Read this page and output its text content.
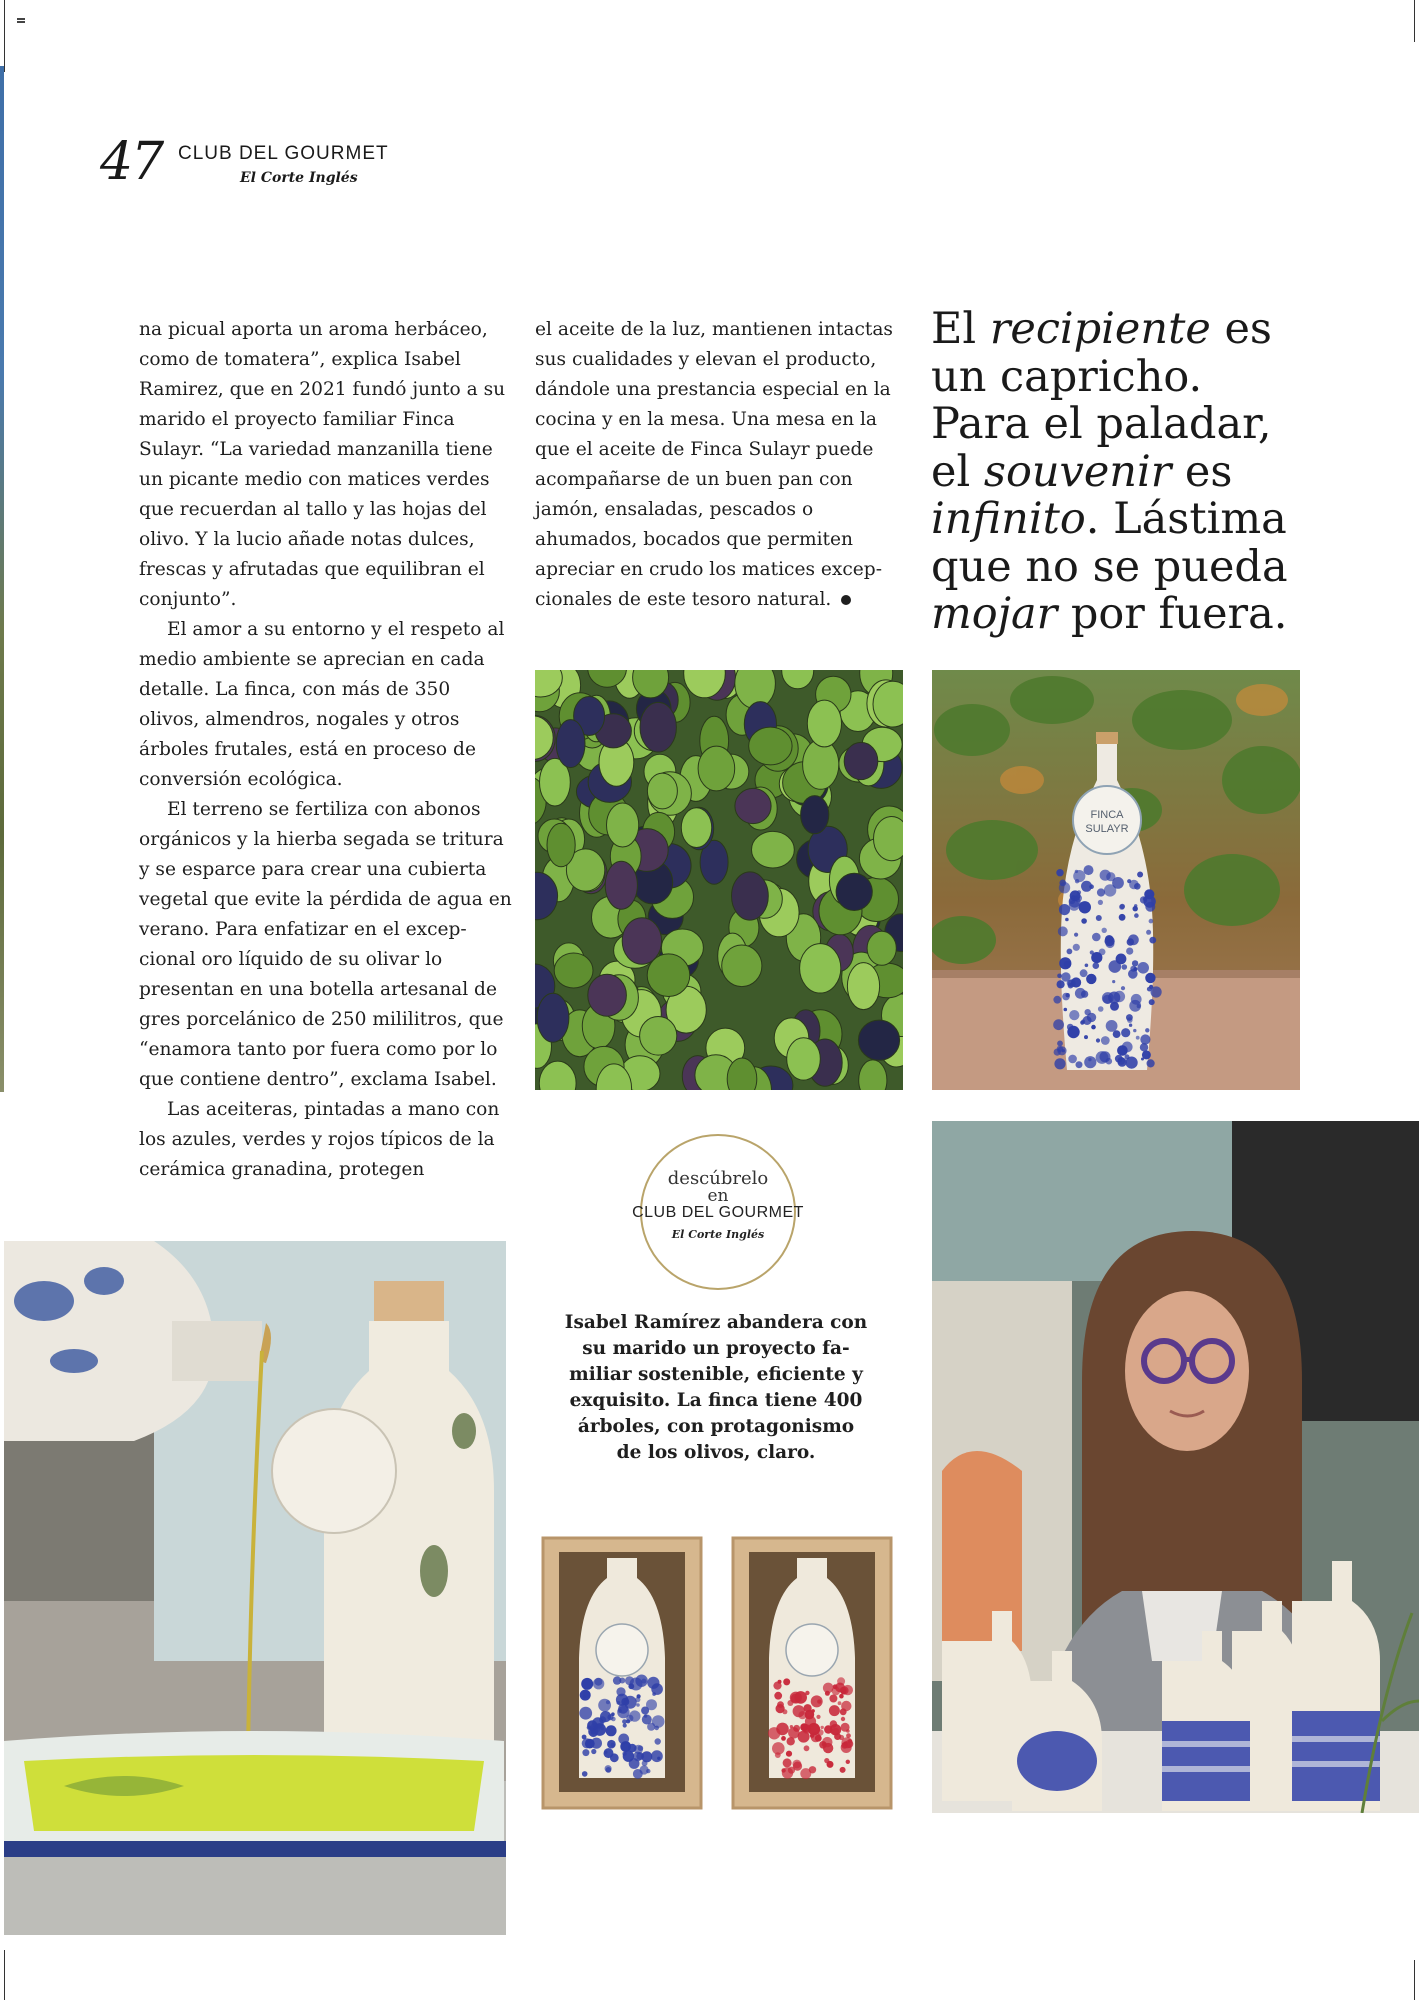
47 CLUB DEL GOURMET
El Corte Inglés

na picual aporta un aroma herbáceo, como de tomatera”, explica Isabel Ramirez, que en 2021 fundó junto a su marido el proyecto familiar Finca Sulayr. “La variedad manzanilla tiene un picante medio con matices verdes que recuerdan al tallo y las hojas del olivo. Y la lucio añade notas dulces, frescas y afrutadas que equilibran el conjunto”.

El amor a su entorno y el respeto al medio ambiente se aprecian en cada detalle. La finca, con más de 350 olivos, almendros, nogales y otros árboles frutales, está en proceso de conversión ecológica.

El terreno se fertiliza con abonos orgánicos y la hierba segada se tritura y se esparce para crear una cubierta vegetal que evite la pérdida de agua en verano. Para enfatizar en el excepcional oro líquido de su olivar lo presentan en una botella artesanal de gres porcelánico de 250 mililitros, que “enamora tanto por fuera como por lo que contiene dentro”, exclama Isabel.

Las aceiteras, pintadas a mano con los azules, verdes y rojos típicos de la cerámica granadina, protegen

el aceite de la luz, mantienen intactas sus cualidades y elevan el producto, dándole una prestancia especial en la cocina y en la mesa. Una mesa en la que el aceite de Finca Sulayr puede acompañarse de un buen pan con jamón, ensaladas, pescados o ahumados, bocados que permiten apreciar en crudo los matices excepcionales de este tesoro natural.

El recipiente es un capricho. Para el paladar, el souvenir es infinito. Lástima que no se pueda mojar por fuera.
FINCA
SULAYR
descúbrelo
en
CLUB DEL GOURMET
El Corte Inglés
Isabel Ramírez abandera con su marido un proyecto familiar sostenible, eficiente y exquisito. La finca tiene 400 árboles, con protagonismo de los olivos, claro.
